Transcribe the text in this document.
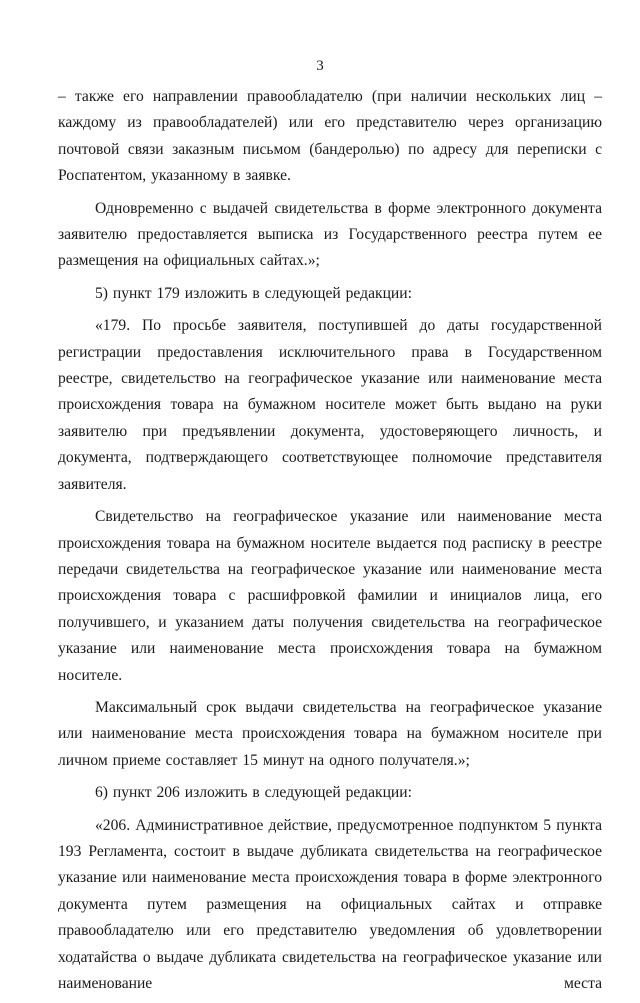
3

– также его направлении правообладателю (при наличии нескольких лиц – каждому из правообладателей) или его представителю через организацию почтовой связи заказным письмом (бандеролью) по адресу для переписки с Роспатентом, указанному в заявке.

Одновременно с выдачей свидетельства в форме электронного документа заявителю предоставляется выписка из Государственного реестра путем ее размещения на официальных сайтах.»;

5) пункт 179 изложить в следующей редакции:

«179. По просьбе заявителя, поступившей до даты государственной регистрации предоставления исключительного права в Государственном реестре, свидетельство на географическое указание или наименование места происхождения товара на бумажном носителе может быть выдано на руки заявителю при предъявлении документа, удостоверяющего личность, и документа, подтверждающего соответствующее полномочие представителя заявителя.

Свидетельство на географическое указание или наименование места происхождения товара на бумажном носителе выдается под расписку в реестре передачи свидетельства на географическое указание или наименование места происхождения товара с расшифровкой фамилии и инициалов лица, его получившего, и указанием даты получения свидетельства на географическое указание или наименование места происхождения товара на бумажном носителе.

Максимальный срок выдачи свидетельства на географическое указание или наименование места происхождения товара на бумажном носителе при личном приеме составляет 15 минут на одного получателя.»;

6) пункт 206 изложить в следующей редакции:

«206. Административное действие, предусмотренное подпунктом 5 пункта 193 Регламента, состоит в выдаче дубликата свидетельства на географическое указание или наименование места происхождения товара в форме электронного документа путем размещения на официальных сайтах и отправке правообладателю или его представителю уведомления об удовлетворении ходатайства о выдаче дубликата свидетельства на географическое указание или наименование места
